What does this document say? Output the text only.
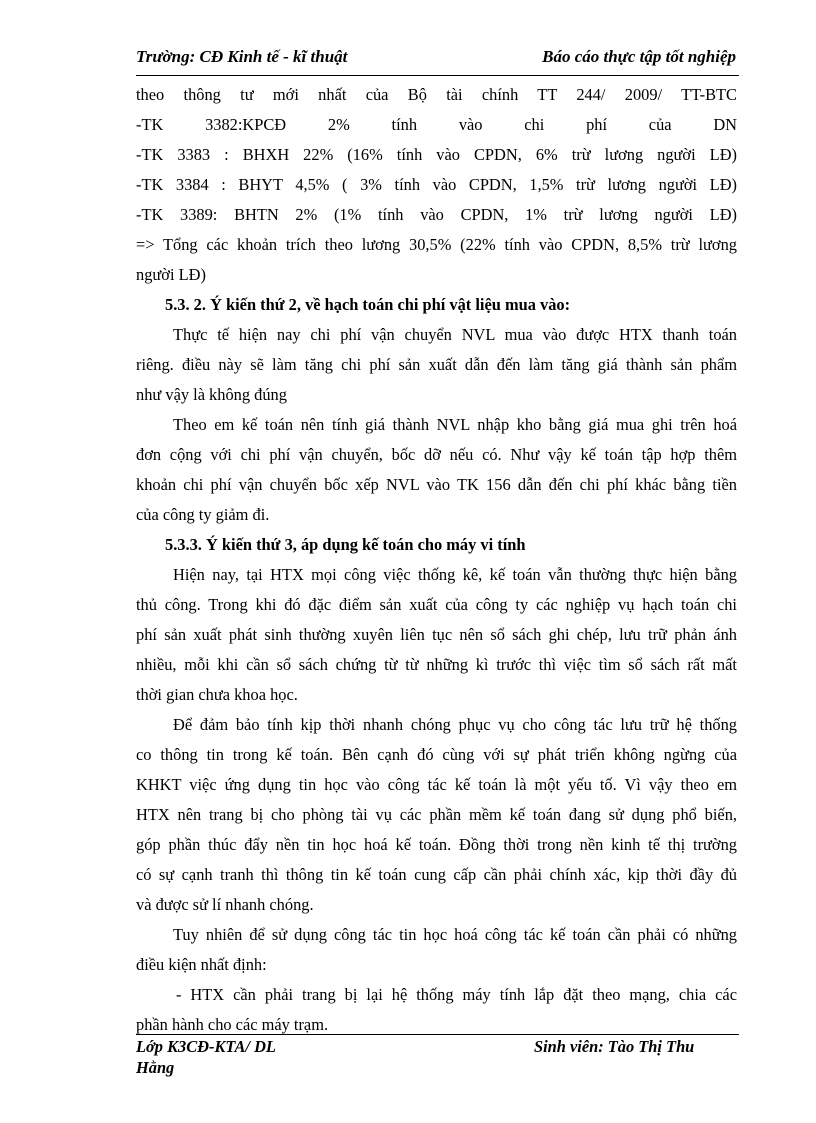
Trường: CĐ Kinh tế - kĩ thuật	Báo cáo thực tập tốt nghiệp

theo thông tư mới nhất của Bộ tài chính TT 244/ 2009/ TT-BTC

-TK 3382:KPCĐ 2% tính vào chi phí của DN

-TK 3383 : BHXH 22% (16% tính vào CPDN, 6% trừ lương người LĐ)

-TK 3384 : BHYT 4,5% ( 3% tính vào CPDN, 1,5% trừ lương người LĐ)

-TK 3389: BHTN 2% (1% tính vào CPDN, 1% trừ lương người LĐ)

=> Tổng các khoản trích theo lương 30,5% (22% tính vào CPDN, 8,5% trừ lương

người LĐ)

5.3. 2. Ý kiến thứ 2, về hạch toán chi phí vật liệu mua vào:

Thực tế hiện nay chi phí vận chuyển NVL mua vào được HTX thanh toán

riêng. điều này sẽ làm tăng chi phí sản xuất dẫn đến làm tăng giá thành sản phẩm

như vậy là không đúng

Theo em kế toán nên tính giá thành NVL nhập kho bằng giá mua ghi trên hoá

đơn cộng với chi phí vận chuyển, bốc dỡ nếu có. Như vậy kế toán tập hợp thêm

khoản chi phí vận chuyển bốc xếp NVL vào TK 156 dẫn đến chi phí khác bằng tiền

của công ty giảm đi.

5.3.3. Ý kiến thứ 3, áp dụng kế toán cho máy vi tính

Hiện nay, tại HTX mọi công việc thống kê, kế toán vẫn thường thực hiện bằng

thủ công. Trong khi đó đặc điểm sản xuất của công ty các nghiệp vụ hạch toán chi

phí sản xuất phát sinh thường xuyên liên tục nên sổ sách ghi chép, lưu trữ phản ánh

nhiều, mỗi khi cần sổ sách chứng từ từ những kì trước thì việc tìm sổ sách rất mất

thời gian chưa khoa học.

Để đảm bảo tính kịp thời nhanh chóng phục vụ cho công tác lưu trữ hệ thống

co thông tin trong kế toán. Bên cạnh đó cùng với sự phát triển không ngừng của

KHKT việc ứng dụng tin học vào công tác kế toán là một yếu tố. Vì vậy theo em

HTX nên trang bị cho phòng tài vụ các phần mềm kế toán đang sử dụng phổ biến,

góp phần thúc đẩy nền tin học hoá kế toán. Đồng thời trong nền kinh tế thị trường

có sự cạnh tranh thì thông tin kế toán cung cấp cần phải chính xác, kịp thời đầy đủ

và được sử lí nhanh chóng.

Tuy nhiên để sử dụng công tác tin học hoá công tác kế toán cần phải có những

điều kiện nhất định:

- HTX cần phải trang bị lại hệ thống máy tính lắp đặt theo mạng, chia các

phần hành cho các máy trạm.

Lớp K3CĐ-KTA/ DL	Sinh viên: Tào Thị Thu
Hằng
